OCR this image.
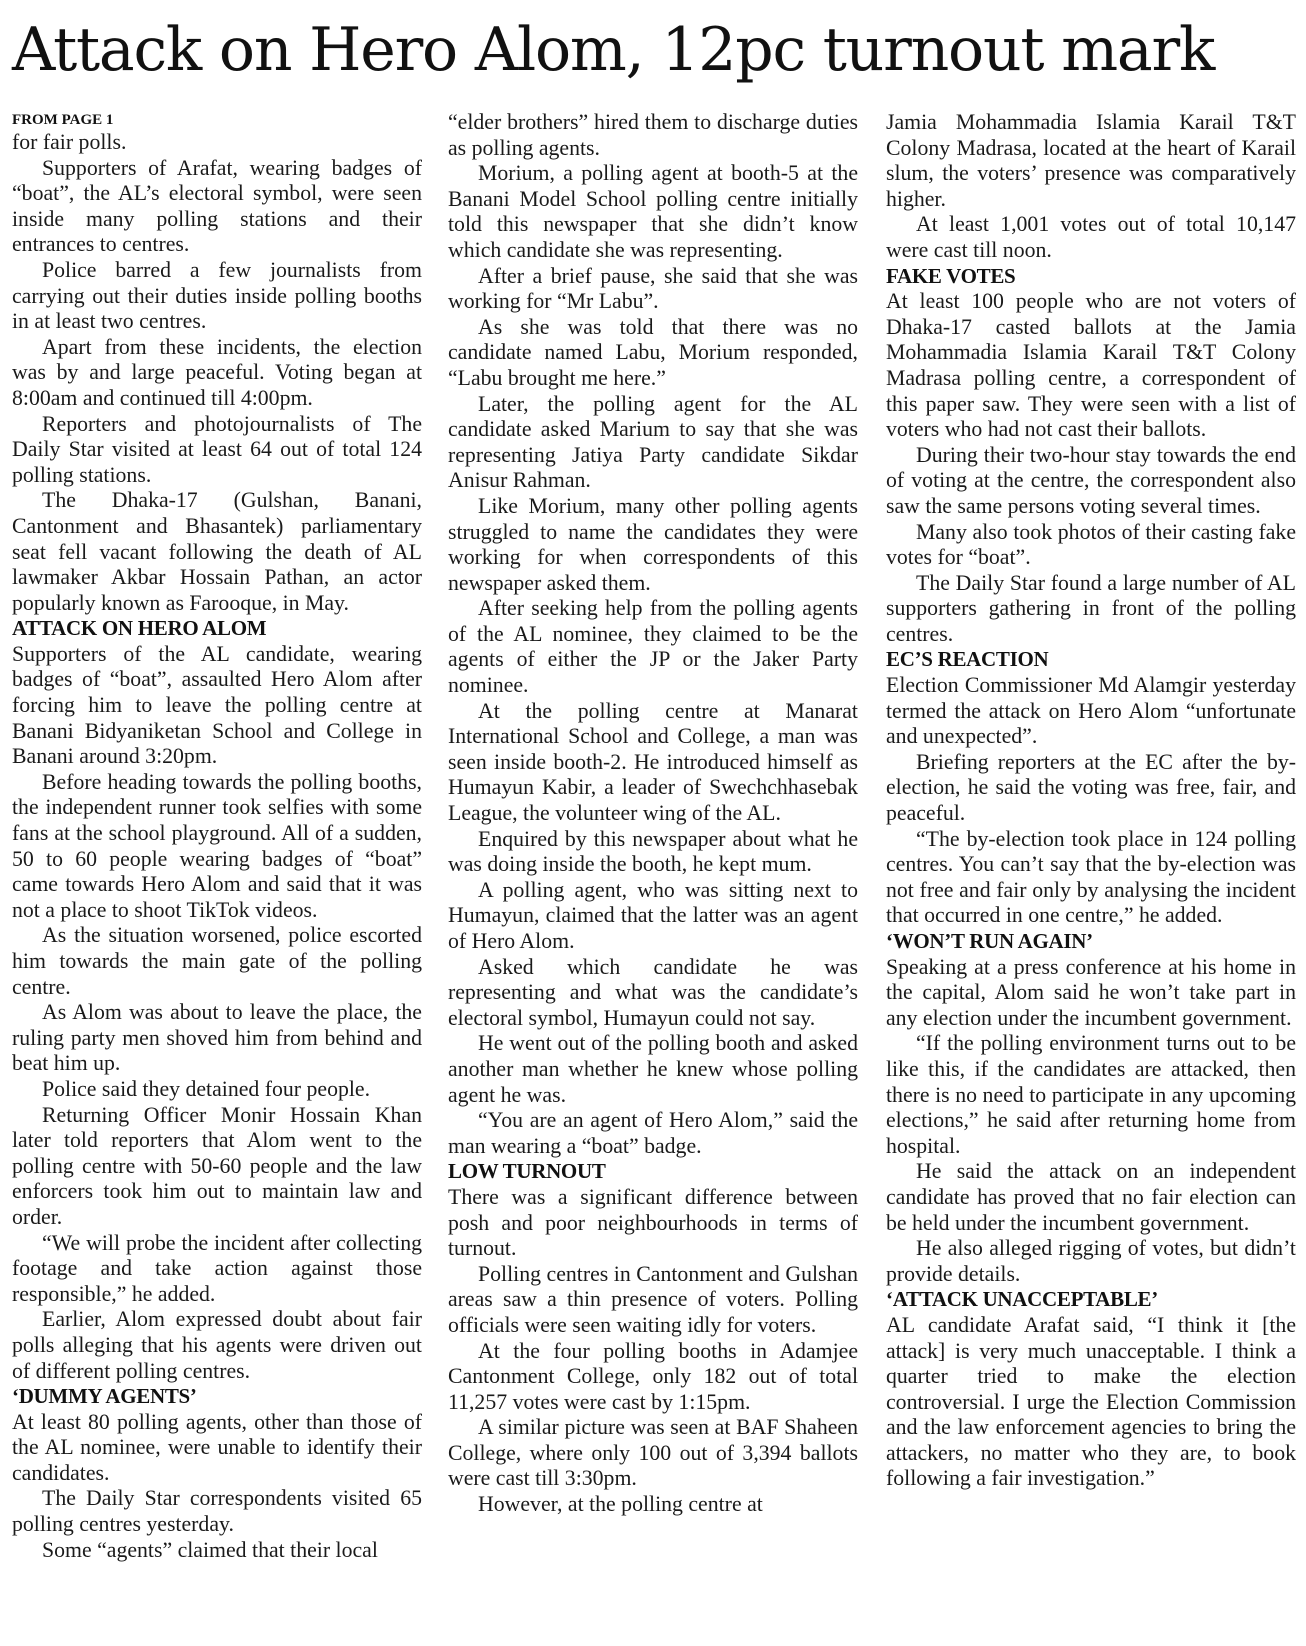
Attack on Hero Alom, 12pc turnout mark
FROM PAGE 1

for fair polls.

Supporters of Arafat, wearing badges of “boat”, the AL’s electoral symbol, were seen inside many polling stations and their entrances to centres.

Police barred a few journalists from carrying out their duties inside polling booths in at least two centres.

Apart from these incidents, the election was by and large peaceful. Voting began at 8:00am and continued till 4:00pm.

Reporters and photojournalists of The Daily Star visited at least 64 out of total 124 polling stations.

The Dhaka-17 (Gulshan, Banani, Cantonment and Bhasantek) parliamentary seat fell vacant following the death of AL lawmaker Akbar Hossain Pathan, an actor popularly known as Farooque, in May.

ATTACK ON HERO ALOM

Supporters of the AL candidate, wearing badges of “boat”, assaulted Hero Alom after forcing him to leave the polling centre at Banani Bidyaniketan School and College in Banani around 3:20pm.

Before heading towards the polling booths, the independent runner took selfies with some fans at the school playground. All of a sudden, 50 to 60 people wearing badges of “boat” came towards Hero Alom and said that it was not a place to shoot TikTok videos.

As the situation worsened, police escorted him towards the main gate of the polling centre.

As Alom was about to leave the place, the ruling party men shoved him from behind and beat him up.

Police said they detained four people.

Returning Officer Monir Hossain Khan later told reporters that Alom went to the polling centre with 50-60 people and the law enforcers took him out to maintain law and order.

“We will probe the incident after collecting footage and take action against those responsible,” he added.

Earlier, Alom expressed doubt about fair polls alleging that his agents were driven out of different polling centres.

‘DUMMY AGENTS’

At least 80 polling agents, other than those of the AL nominee, were unable to identify their candidates.

The Daily Star correspondents visited 65 polling centres yesterday.

Some “agents” claimed that their local

“elder brothers” hired them to discharge duties as polling agents.

Morium, a polling agent at booth-5 at the Banani Model School polling centre initially told this newspaper that she didn’t know which candidate she was representing.

After a brief pause, she said that she was working for “Mr Labu”.

As she was told that there was no candidate named Labu, Morium responded, “Labu brought me here.”

Later, the polling agent for the AL candidate asked Marium to say that she was representing Jatiya Party candidate Sikdar Anisur Rahman.

Like Morium, many other polling agents struggled to name the candidates they were working for when correspondents of this newspaper asked them.

After seeking help from the polling agents of the AL nominee, they claimed to be the agents of either the JP or the Jaker Party nominee.

At the polling centre at Manarat International School and College, a man was seen inside booth-2. He introduced himself as Humayun Kabir, a leader of Swechchhasebak League, the volunteer wing of the AL.

Enquired by this newspaper about what he was doing inside the booth, he kept mum.

A polling agent, who was sitting next to Humayun, claimed that the latter was an agent of Hero Alom.

Asked which candidate he was representing and what was the candidate’s electoral symbol, Humayun could not say.

He went out of the polling booth and asked another man whether he knew whose polling agent he was.

“You are an agent of Hero Alom,” said the man wearing a “boat” badge.

LOW TURNOUT

There was a significant difference between posh and poor neighbourhoods in terms of turnout.

Polling centres in Cantonment and Gulshan areas saw a thin presence of voters. Polling officials were seen waiting idly for voters.

At the four polling booths in Adamjee Cantonment College, only 182 out of total 11,257 votes were cast by 1:15pm.

A similar picture was seen at BAF Shaheen College, where only 100 out of 3,394 ballots were cast till 3:30pm.

However, at the polling centre at

Jamia Mohammadia Islamia Karail T&T Colony Madrasa, located at the heart of Karail slum, the voters’ presence was comparatively higher.

At least 1,001 votes out of total 10,147 were cast till noon.

FAKE VOTES

At least 100 people who are not voters of Dhaka-17 casted ballots at the Jamia Mohammadia Islamia Karail T&T Colony Madrasa polling centre, a correspondent of this paper saw. They were seen with a list of voters who had not cast their ballots.

During their two-hour stay towards the end of voting at the centre, the correspondent also saw the same persons voting several times.

Many also took photos of their casting fake votes for “boat”.

The Daily Star found a large number of AL supporters gathering in front of the polling centres.

EC’S REACTION

Election Commissioner Md Alamgir yesterday termed the attack on Hero Alom “unfortunate and unexpected”.

Briefing reporters at the EC after the by-election, he said the voting was free, fair, and peaceful.

“The by-election took place in 124 polling centres. You can’t say that the by-election was not free and fair only by analysing the incident that occurred in one centre,” he added.

‘WON’T RUN AGAIN’

Speaking at a press conference at his home in the capital, Alom said he won’t take part in any election under the incumbent government.

“If the polling environment turns out to be like this, if the candidates are attacked, then there is no need to participate in any upcoming elections,” he said after returning home from hospital.

He said the attack on an independent candidate has proved that no fair election can be held under the incumbent government.

He also alleged rigging of votes, but didn’t provide details.

‘ATTACK UNACCEPTABLE’

AL candidate Arafat said, “I think it [the attack] is very much unacceptable. I think a quarter tried to make the election controversial. I urge the Election Commission and the law enforcement agencies to bring the attackers, no matter who they are, to book following a fair investigation.”
